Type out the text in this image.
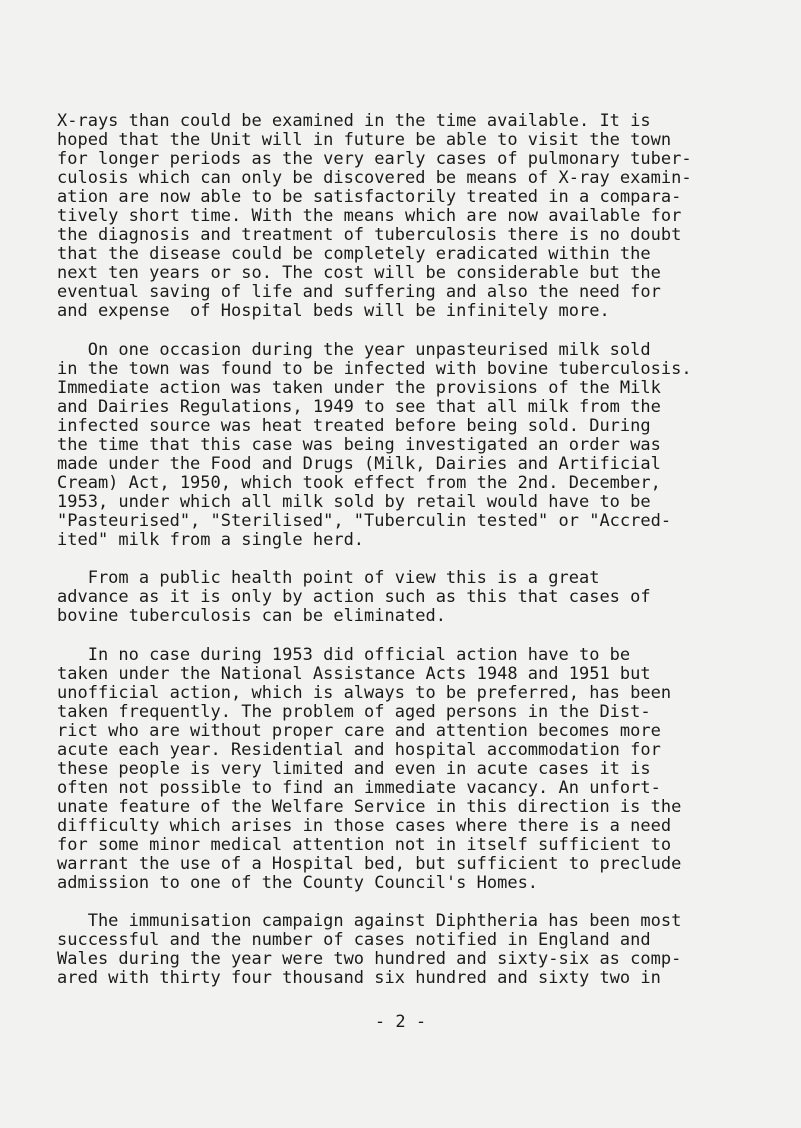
X-rays than could be examined in the time available. It is
hoped that the Unit will in future be able to visit the town
for longer periods as the very early cases of pulmonary tuber-
culosis which can only be discovered be means of X-ray examin-
ation are now able to be satisfactorily treated in a compara-
tively short time. With the means which are now available for
the diagnosis and treatment of tuberculosis there is no doubt
that the disease could be completely eradicated within the
next ten years or so. The cost will be considerable but the
eventual saving of life and suffering and also the need for
and expense  of Hospital beds will be infinitely more.
On one occasion during the year unpasteurised milk sold
in the town was found to be infected with bovine tuberculosis.
Immediate action was taken under the provisions of the Milk
and Dairies Regulations, 1949 to see that all milk from the
infected source was heat treated before being sold. During
the time that this case was being investigated an order was
made under the Food and Drugs (Milk, Dairies and Artificial
Cream) Act, 1950, which took effect from the 2nd. December,
1953, under which all milk sold by retail would have to be
"Pasteurised", "Sterilised", "Tuberculin tested" or "Accred-
ited" milk from a single herd.
From a public health point of view this is a great
advance as it is only by action such as this that cases of
bovine tuberculosis can be eliminated.
In no case during 1953 did official action have to be
taken under the National Assistance Acts 1948 and 1951 but
unofficial action, which is always to be preferred, has been
taken frequently. The problem of aged persons in the Dist-
rict who are without proper care and attention becomes more
acute each year. Residential and hospital accommodation for
these people is very limited and even in acute cases it is
often not possible to find an immediate vacancy. An unfort-
unate feature of the Welfare Service in this direction is the
difficulty which arises in those cases where there is a need
for some minor medical attention not in itself sufficient to
warrant the use of a Hospital bed, but sufficient to preclude
admission to one of the County Council's Homes.
The immunisation campaign against Diphtheria has been most
successful and the number of cases notified in England and
Wales during the year were two hundred and sixty-six as comp-
ared with thirty four thousand six hundred and sixty two in
- 2 -
